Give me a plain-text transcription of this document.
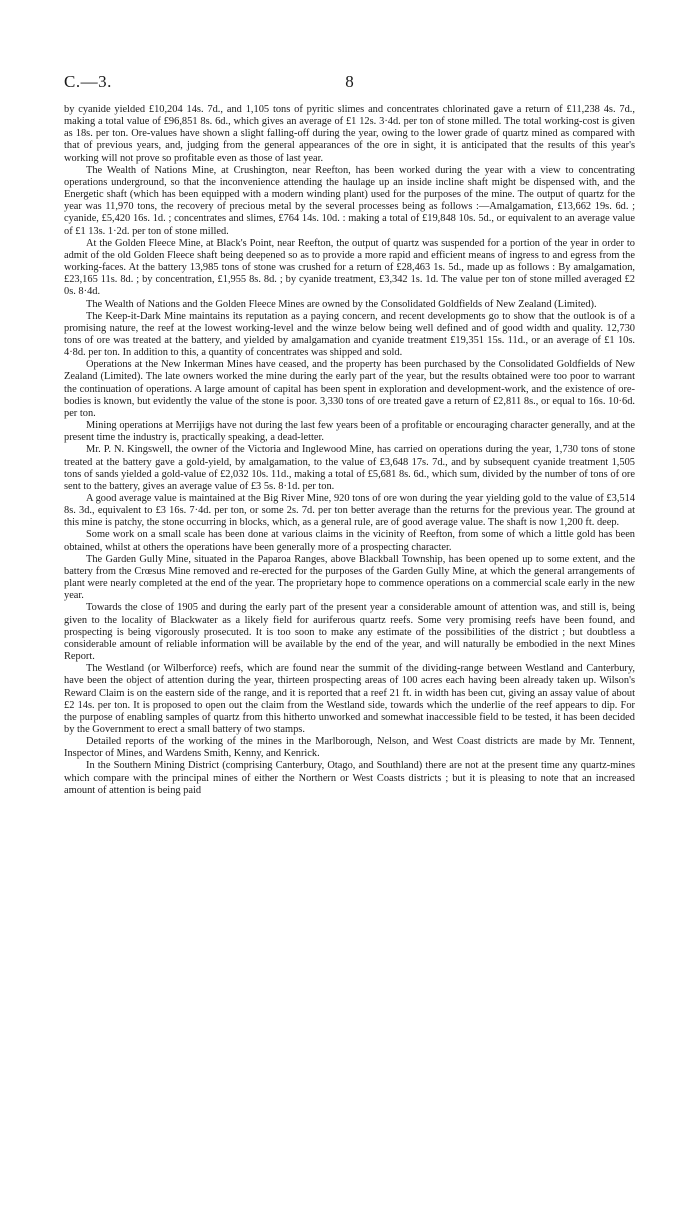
C.—3.	8

by cyanide yielded £10,204 14s. 7d., and 1,105 tons of pyritic slimes and concentrates chlorinated gave a return of £11,238 4s. 7d., making a total value of £96,851 8s. 6d., which gives an average of £1 12s. 3·4d. per ton of stone milled. The total working-cost is given as 18s. per ton. Ore-values have shown a slight falling-off during the year, owing to the lower grade of quartz mined as compared with that of previous years, and, judging from the general appearances of the ore in sight, it is anticipated that the results of this year's working will not prove so profitable even as those of last year.

The Wealth of Nations Mine, at Crushington, near Reefton, has been worked during the year with a view to concentrating operations underground, so that the inconvenience attending the haulage up an inside incline shaft might be dispensed with, and the Energetic shaft (which has been equipped with a modern winding plant) used for the purposes of the mine. The output of quartz for the year was 11,970 tons, the recovery of precious metal by the several processes being as follows :—Amalgamation, £13,662 19s. 6d. ; cyanide, £5,420 16s. 1d. ; concentrates and slimes, £764 14s. 10d. : making a total of £19,848 10s. 5d., or equivalent to an average value of £1 13s. 1·2d. per ton of stone milled.

At the Golden Fleece Mine, at Black's Point, near Reefton, the output of quartz was suspended for a portion of the year in order to admit of the old Golden Fleece shaft being deepened so as to provide a more rapid and efficient means of ingress to and egress from the working-faces. At the battery 13,985 tons of stone was crushed for a return of £28,463 1s. 5d., made up as follows : By amalgamation, £23,165 11s. 8d. ; by concentration, £1,955 8s. 8d. ; by cyanide treatment, £3,342 1s. 1d. The value per ton of stone milled averaged £2 0s. 8·4d.

The Wealth of Nations and the Golden Fleece Mines are owned by the Consolidated Goldfields of New Zealand (Limited).

The Keep-it-Dark Mine maintains its reputation as a paying concern, and recent developments go to show that the outlook is of a promising nature, the reef at the lowest working-level and the winze below being well defined and of good width and quality. 12,730 tons of ore was treated at the battery, and yielded by amalgamation and cyanide treatment £19,351 15s. 11d., or an average of £1 10s. 4·8d. per ton. In addition to this, a quantity of concentrates was shipped and sold.

Operations at the New Inkerman Mines have ceased, and the property has been purchased by the Consolidated Goldfields of New Zealand (Limited). The late owners worked the mine during the early part of the year, but the results obtained were too poor to warrant the continuation of operations. A large amount of capital has been spent in exploration and development-work, and the existence of ore-bodies is known, but evidently the value of the stone is poor. 3,330 tons of ore treated gave a return of £2,811 8s., or equal to 16s. 10·6d. per ton.

Mining operations at Merrijigs have not during the last few years been of a profitable or encouraging character generally, and at the present time the industry is, practically speaking, a dead-letter.

Mr. P. N. Kingswell, the owner of the Victoria and Inglewood Mine, has carried on operations during the year, 1,730 tons of stone treated at the battery gave a gold-yield, by amalgamation, to the value of £3,648 17s. 7d., and by subsequent cyanide treatment 1,505 tons of sands yielded a gold-value of £2,032 10s. 11d., making a total of £5,681 8s. 6d., which sum, divided by the number of tons of ore sent to the battery, gives an average value of £3 5s. 8·1d. per ton.

A good average value is maintained at the Big River Mine, 920 tons of ore won during the year yielding gold to the value of £3,514 8s. 3d., equivalent to £3 16s. 7·4d. per ton, or some 2s. 7d. per ton better average than the returns for the previous year. The ground at this mine is patchy, the stone occurring in blocks, which, as a general rule, are of good average value. The shaft is now 1,200 ft. deep.

Some work on a small scale has been done at various claims in the vicinity of Reefton, from some of which a little gold has been obtained, whilst at others the operations have been generally more of a prospecting character.

The Garden Gully Mine, situated in the Paparoa Ranges, above Blackball Township, has been opened up to some extent, and the battery from the Crœsus Mine removed and re-erected for the purposes of the Garden Gully Mine, at which the general arrangements of plant were nearly completed at the end of the year. The proprietary hope to commence operations on a commercial scale early in the new year.

Towards the close of 1905 and during the early part of the present year a considerable amount of attention was, and still is, being given to the locality of Blackwater as a likely field for auriferous quartz reefs. Some very promising reefs have been found, and prospecting is being vigorously prosecuted. It is too soon to make any estimate of the possibilities of the district ; but doubtless a considerable amount of reliable information will be available by the end of the year, and will naturally be embodied in the next Mines Report.

The Westland (or Wilberforce) reefs, which are found near the summit of the dividing-range between Westland and Canterbury, have been the object of attention during the year, thirteen prospecting areas of 100 acres each having been already taken up. Wilson's Reward Claim is on the eastern side of the range, and it is reported that a reef 21 ft. in width has been cut, giving an assay value of about £2 14s. per ton. It is proposed to open out the claim from the Westland side, towards which the underlie of the reef appears to dip. For the purpose of enabling samples of quartz from this hitherto unworked and somewhat inaccessible field to be tested, it has been decided by the Government to erect a small battery of two stamps.

Detailed reports of the working of the mines in the Marlborough, Nelson, and West Coast districts are made by Mr. Tennent, Inspector of Mines, and Wardens Smith, Kenny, and Kenrick.

In the Southern Mining District (comprising Canterbury, Otago, and Southland) there are not at the present time any quartz-mines which compare with the principal mines of either the Northern or West Coasts districts ; but it is pleasing to note that an increased amount of attention is being paid
